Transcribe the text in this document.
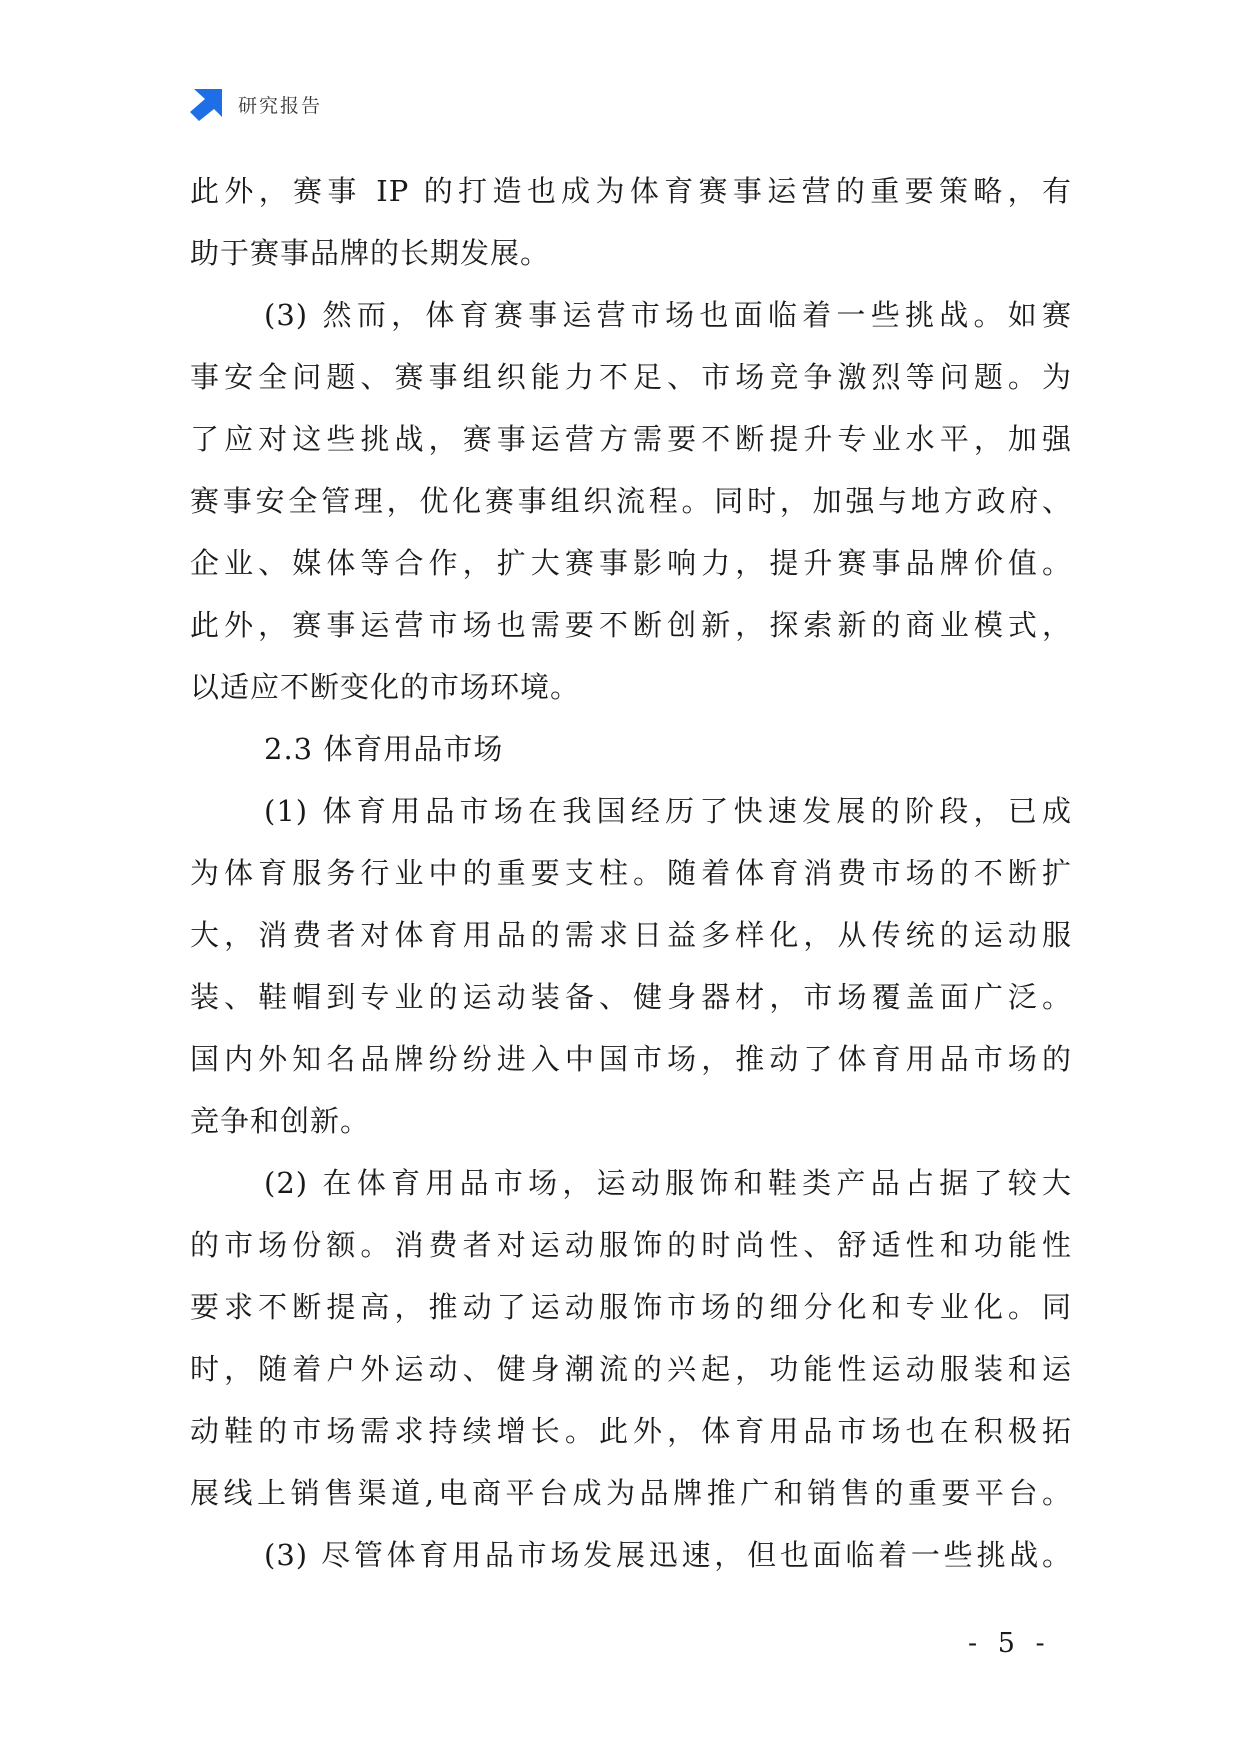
研究报告
此外，赛事 IP 的打造也成为体育赛事运营的重要策略，有
助于赛事品牌的长期发展。
(3) 然而，体育赛事运营市场也面临着一些挑战。如赛
事安全问题、赛事组织能力不足、市场竞争激烈等问题。为
了应对这些挑战，赛事运营方需要不断提升专业水平，加强
赛事安全管理，优化赛事组织流程。同时，加强与地方政府、
企业、媒体等合作，扩大赛事影响力，提升赛事品牌价值。
此外，赛事运营市场也需要不断创新，探索新的商业模式，
以适应不断变化的市场环境。
2.3 体育用品市场
(1) 体育用品市场在我国经历了快速发展的阶段，已成
为体育服务行业中的重要支柱。随着体育消费市场的不断扩
大，消费者对体育用品的需求日益多样化，从传统的运动服
装、鞋帽到专业的运动装备、健身器材，市场覆盖面广泛。
国内外知名品牌纷纷进入中国市场，推动了体育用品市场的
竞争和创新。
(2) 在体育用品市场，运动服饰和鞋类产品占据了较大
的市场份额。消费者对运动服饰的时尚性、舒适性和功能性
要求不断提高，推动了运动服饰市场的细分化和专业化。同
时，随着户外运动、健身潮流的兴起，功能性运动服装和运
动鞋的市场需求持续增长。此外，体育用品市场也在积极拓
展线上销售渠道,电商平台成为品牌推广和销售的重要平台。
(3) 尽管体育用品市场发展迅速，但也面临着一些挑战。
- 5 -
